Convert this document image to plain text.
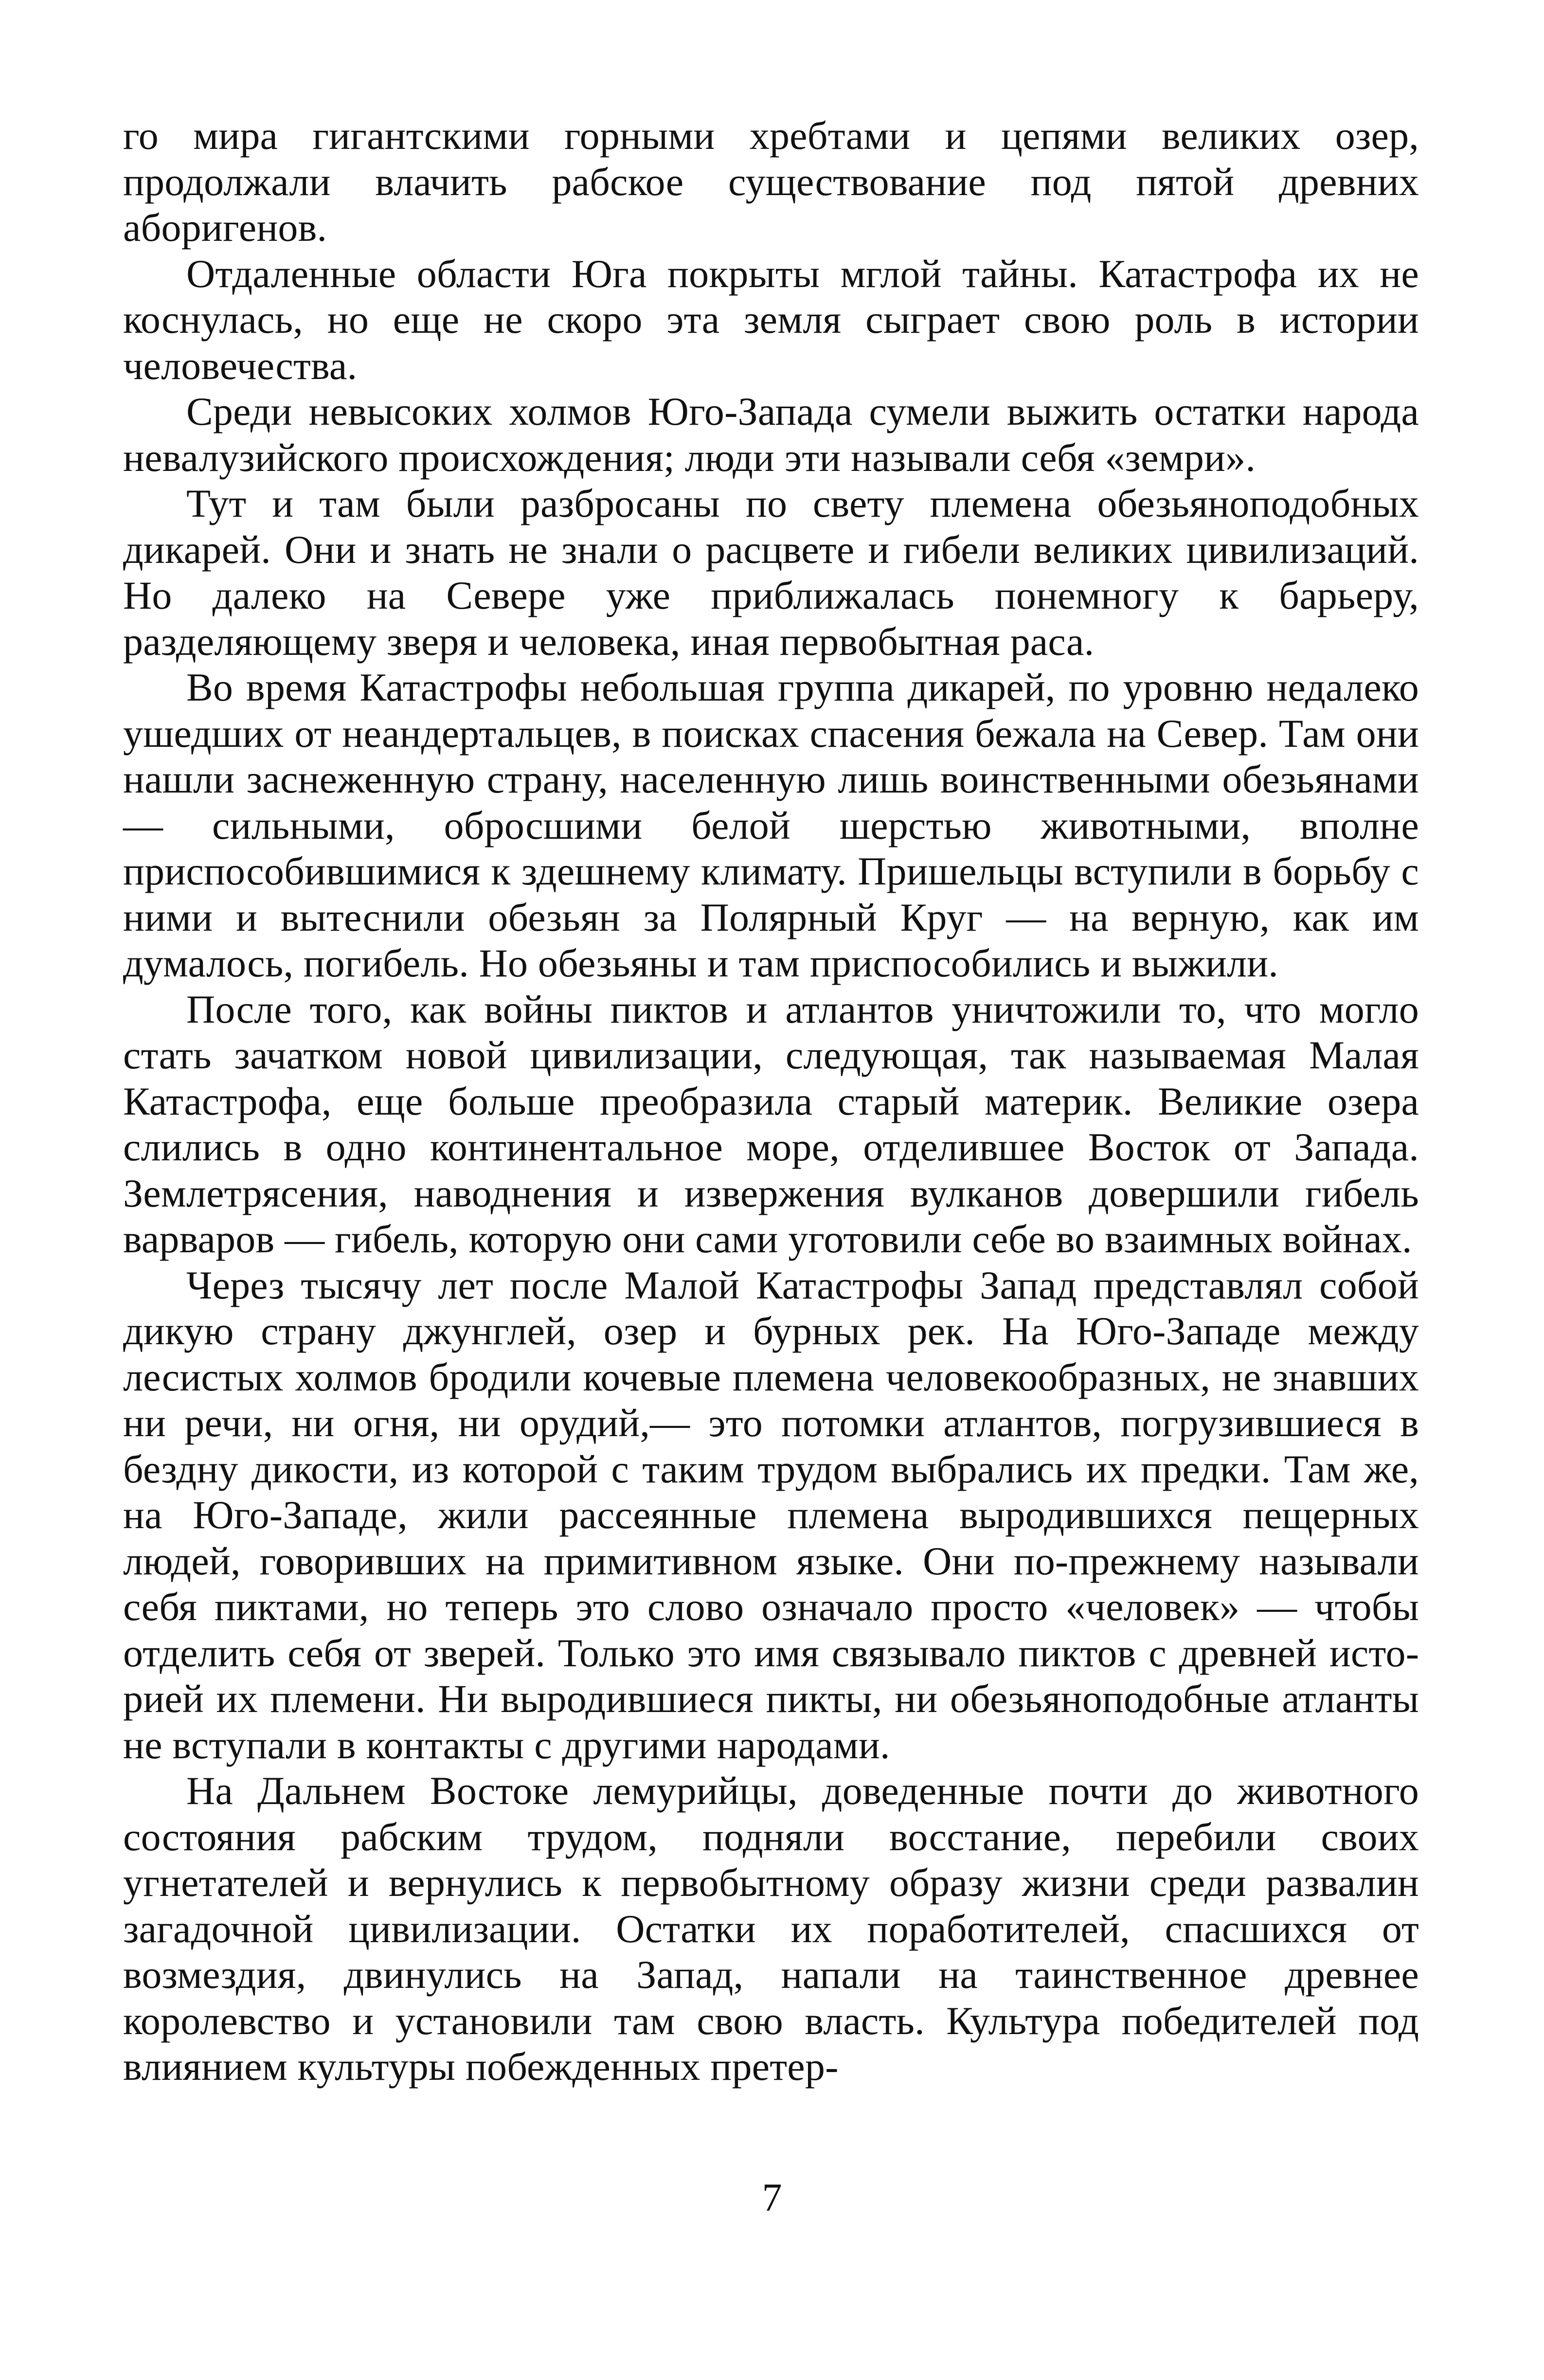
го мира гигантскими горными хребтами и цепями великих озер, продолжали влачить рабское существование под пятой древних аборигенов.

Отдаленные области Юга покрыты мглой тайны. Катастрофа их не коснулась, но еще не скоро эта земля сыграет свою роль в истории человечества.

Среди невысоких холмов Юго-Запада сумели выжить остатки народа невалузийского происхождения; люди эти называли себя «земри».

Тут и там были разбросаны по свету племена обезьяноподобных дикарей. Они и знать не знали о расцвете и гибели великих цивилизаций. Но далеко на Севере уже приближалась понемногу к барьеру, разделяющему зверя и человека, иная первобытная раса.

Во время Катастрофы небольшая группа дикарей, по уровню недалеко ушедших от неандертальцев, в поисках спасения бежала на Север. Там они нашли заснеженную страну, населенную лишь воинственными обезьянами — сильными, обросшими белой шерстью животными, вполне приспособившимися к здешнему климату. Пришельцы вступили в борьбу с ними и вытеснили обезьян за Полярный Круг — на верную, как им думалось, погибель. Но обезьяны и там приспособились и выжили.

После того, как войны пиктов и атлантов уничтожили то, что могло стать зачатком новой цивилизации, следующая, так называемая Малая Катастрофа, еще больше преобразила старый материк. Великие озера слились в одно континентальное море, отделившее Восток от Запада. Землетрясения, наводнения и извержения вулканов довершили гибель варваров — гибель, которую они сами уготовили себе во взаимных войнах.

Через тысячу лет после Малой Катастрофы Запад представлял собой дикую страну джунглей, озер и бурных рек. На Юго-Западе между лесистых холмов бродили кочевые племена человекообразных, не знавших ни речи, ни огня, ни орудий,— это потомки атлантов, погрузившиеся в бездну дикости, из которой с таким трудом выбрались их предки. Там же, на Юго-Западе, жили рассеянные племена выродившихся пещерных людей, говоривших на примитивном языке. Они по-прежнему называли себя пиктами, но теперь это слово означало просто «человек» — чтобы отделить себя от зверей. Только это имя связывало пиктов с древней историей их племени. Ни выродившиеся пикты, ни обезьяноподобные атланты не вступали в контакты с другими народами.

На Дальнем Востоке лемурийцы, доведенные почти до животного состояния рабским трудом, подняли восстание, перебили своих угнетателей и вернулись к первобытному образу жизни среди развалин загадочной цивилизации. Остатки их поработителей, спасшихся от возмездия, двинулись на Запад, напали на таинственное древнее королевство и установили там свою власть. Культура победителей под влиянием культуры побежденных претер-

7
